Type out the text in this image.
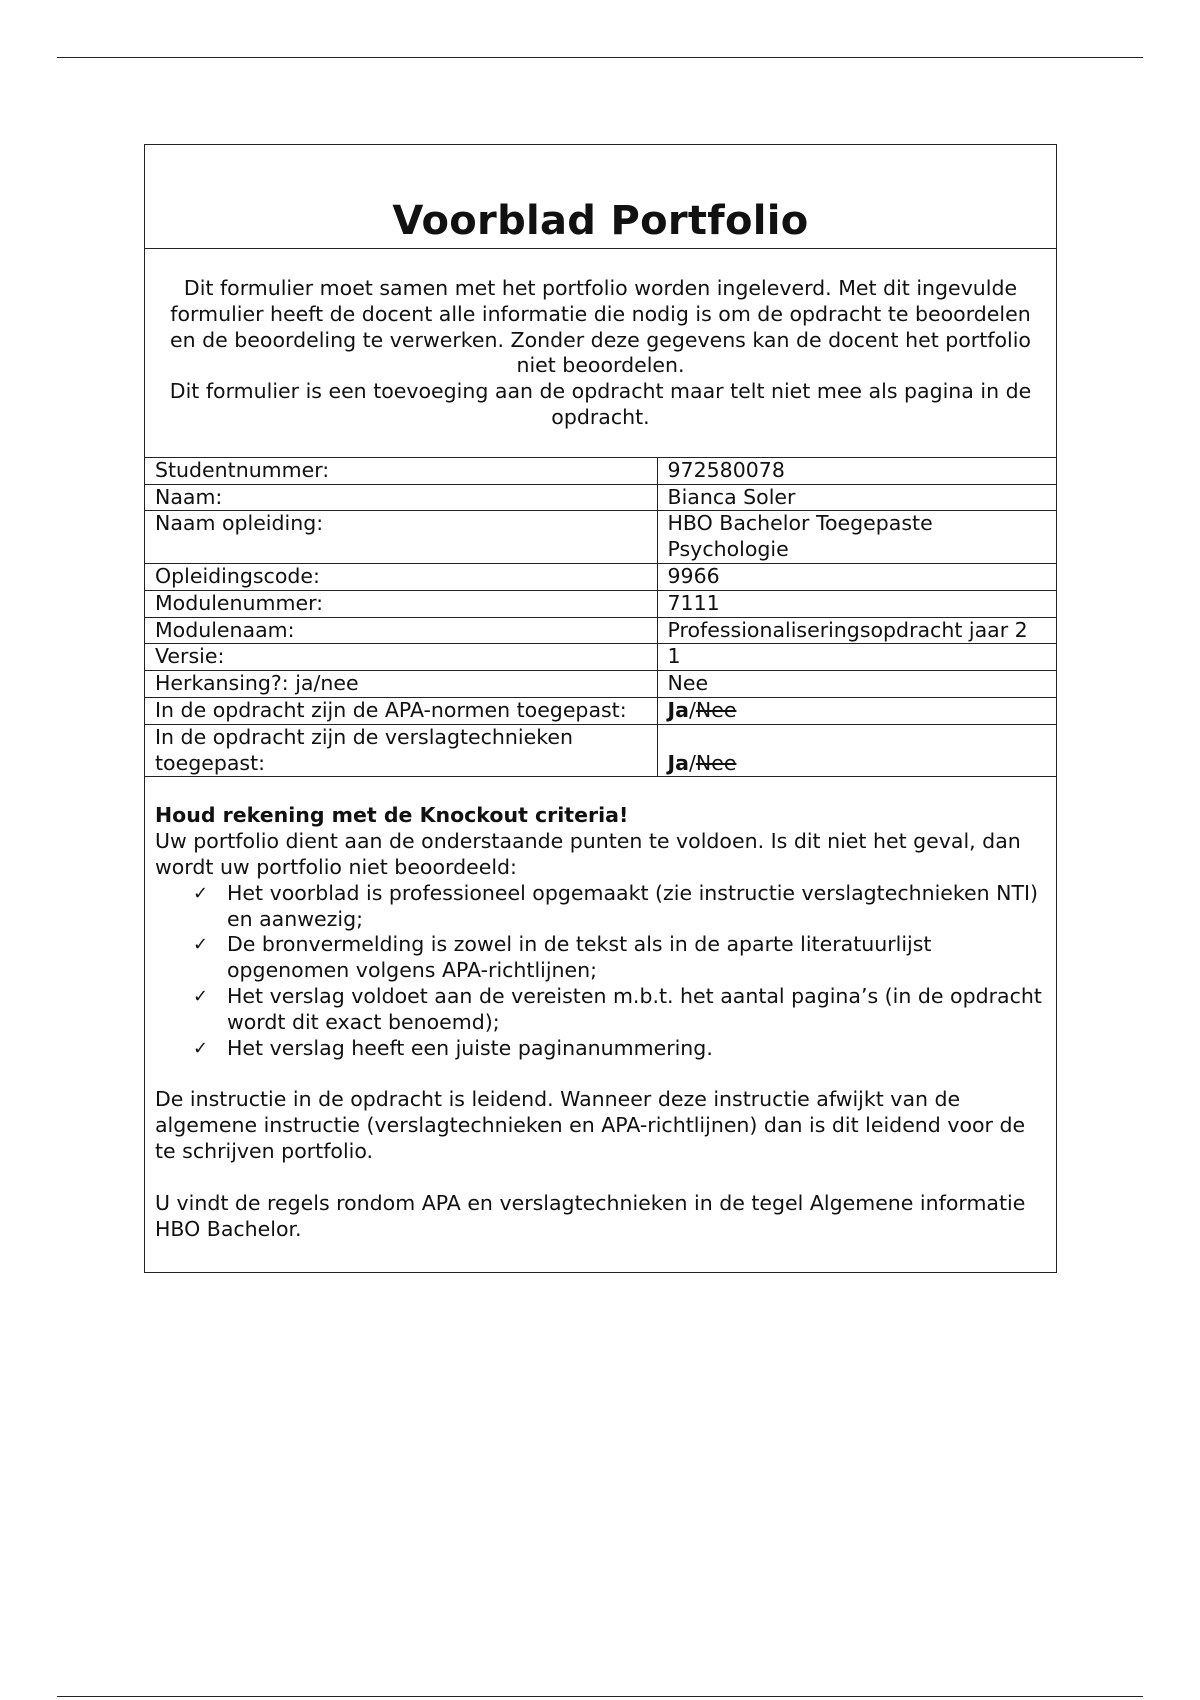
Voorblad Portfolio

Dit formulier moet samen met het portfolio worden ingeleverd. Met dit ingevulde formulier heeft de docent alle informatie die nodig is om de opdracht te beoordelen en de beoordeling te verwerken. Zonder deze gegevens kan de docent het portfolio niet beoordelen.

Dit formulier is een toevoeging aan de opdracht maar telt niet mee als pagina in de opdracht.

Studentnummer:	972580078
Naam:	Bianca Soler
Naam opleiding:	HBO Bachelor Toegepaste Psychologie
Opleidingscode:	9966
Modulenummer:	7111
Modulenaam:	Professionaliseringsopdracht jaar 2
Versie:	1
Herkansing?: ja/nee	Nee
In de opdracht zijn de APA-normen toegepast:	Ja/Nee
In de opdracht zijn de verslagtechnieken toegepast:	Ja/Nee

Houd rekening met de Knockout criteria!

Uw portfolio dient aan de onderstaande punten te voldoen. Is dit niet het geval, dan wordt uw portfolio niet beoordeeld:

✓ Het voorblad is professioneel opgemaakt (zie instructie verslagtechnieken NTI) en aanwezig;
✓ De bronvermelding is zowel in de tekst als in de aparte literatuurlijst opgenomen volgens APA-richtlijnen;
✓ Het verslag voldoet aan de vereisten m.b.t. het aantal pagina’s (in de opdracht wordt dit exact benoemd);
✓ Het verslag heeft een juiste paginanummering.

De instructie in de opdracht is leidend. Wanneer deze instructie afwijkt van de algemene instructie (verslagtechnieken en APA-richtlijnen) dan is dit leidend voor de te schrijven portfolio.

U vindt de regels rondom APA en verslagtechnieken in de tegel Algemene informatie HBO Bachelor.
